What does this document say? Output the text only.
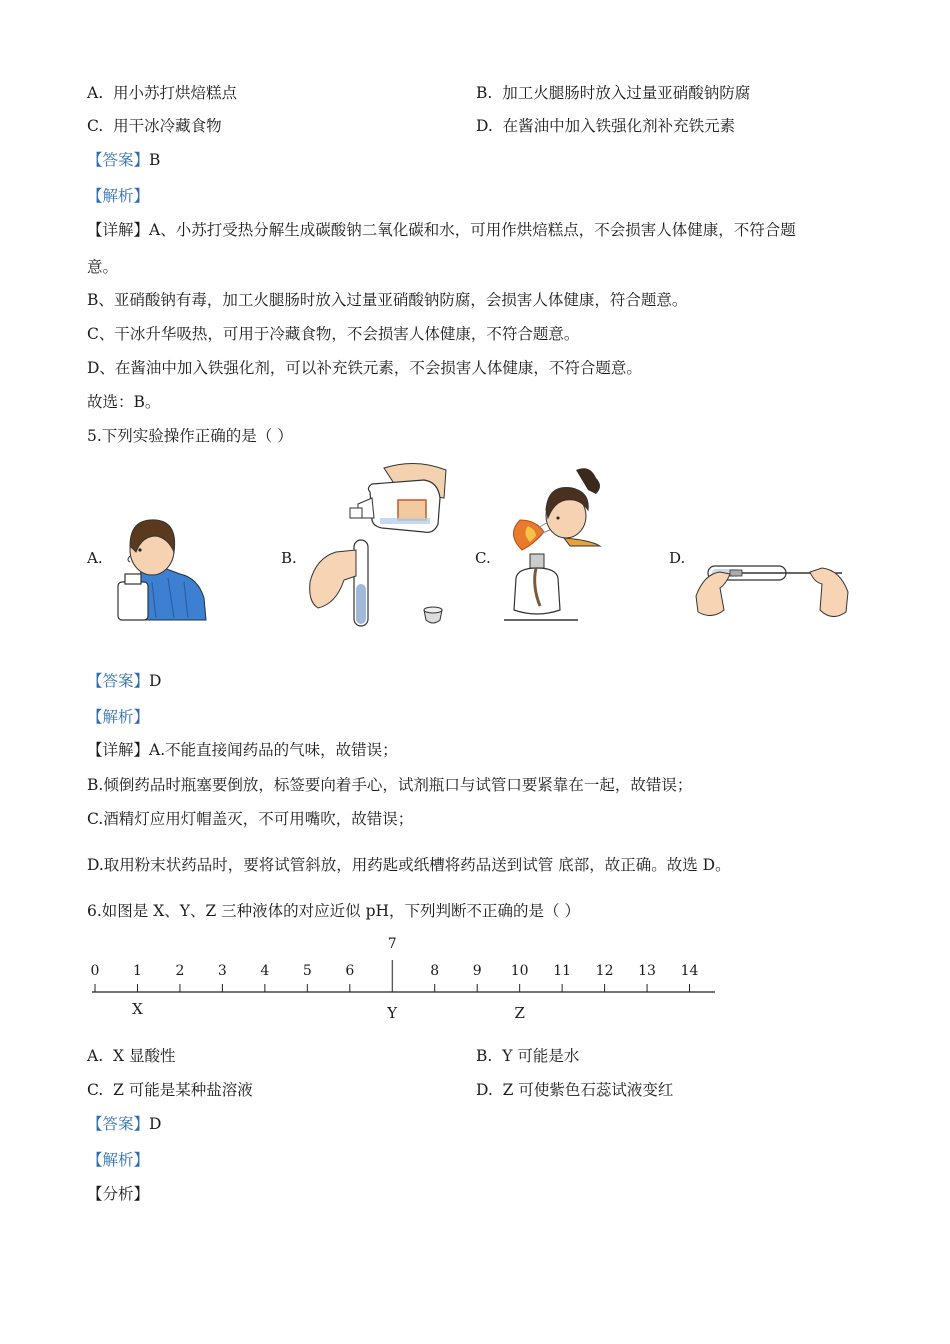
A. 用小苏打烘焙糕点	B. 加工火腿肠时放入过量亚硝酸钠防腐
C. 用干冰冷藏食物	D. 在酱油中加入铁强化剂补充铁元素
【答案】B
【解析】
【详解】A、小苏打受热分解生成碳酸钠二氧化碳和水，可用作烘焙糕点，不会损害人体健康，不符合题
意。
B、亚硝酸钠有毒，加工火腿肠时放入过量亚硝酸钠防腐，会损害人体健康，符合题意。
C、干冰升华吸热，可用于冷藏食物，不会损害人体健康，不符合题意。
D、在酱油中加入铁强化剂，可以补充铁元素，不会损害人体健康，不符合题意。
故选：B。
5.下列实验操作正确的是（ ）
A.	B.	C.	D.
【答案】D
【解析】
【详解】A.不能直接闻药品的气味，故错误；
B.倾倒药品时瓶塞要倒放，标签要向着手心，试剂瓶口与试管口要紧靠在一起，故错误；
C.酒精灯应用灯帽盖灭，不可用嘴吹，故错误；
D.取用粉末状药品时，要将试管斜放，用药匙或纸槽将药品送到试管 底部，故正确。故选 D。
6.如图是 X、Y、Z 三种液体的对应近似 pH，下列判断不正确的是（ ）
0 1 2 3 4 5 6
7
8 9 10 11 12 13 14
X	Y	Z
A. X 显酸性	B. Y 可能是水
C. Z 可能是某种盐溶液	D. Z 可使紫色石蕊试液变红
【答案】D
【解析】
【分析】
